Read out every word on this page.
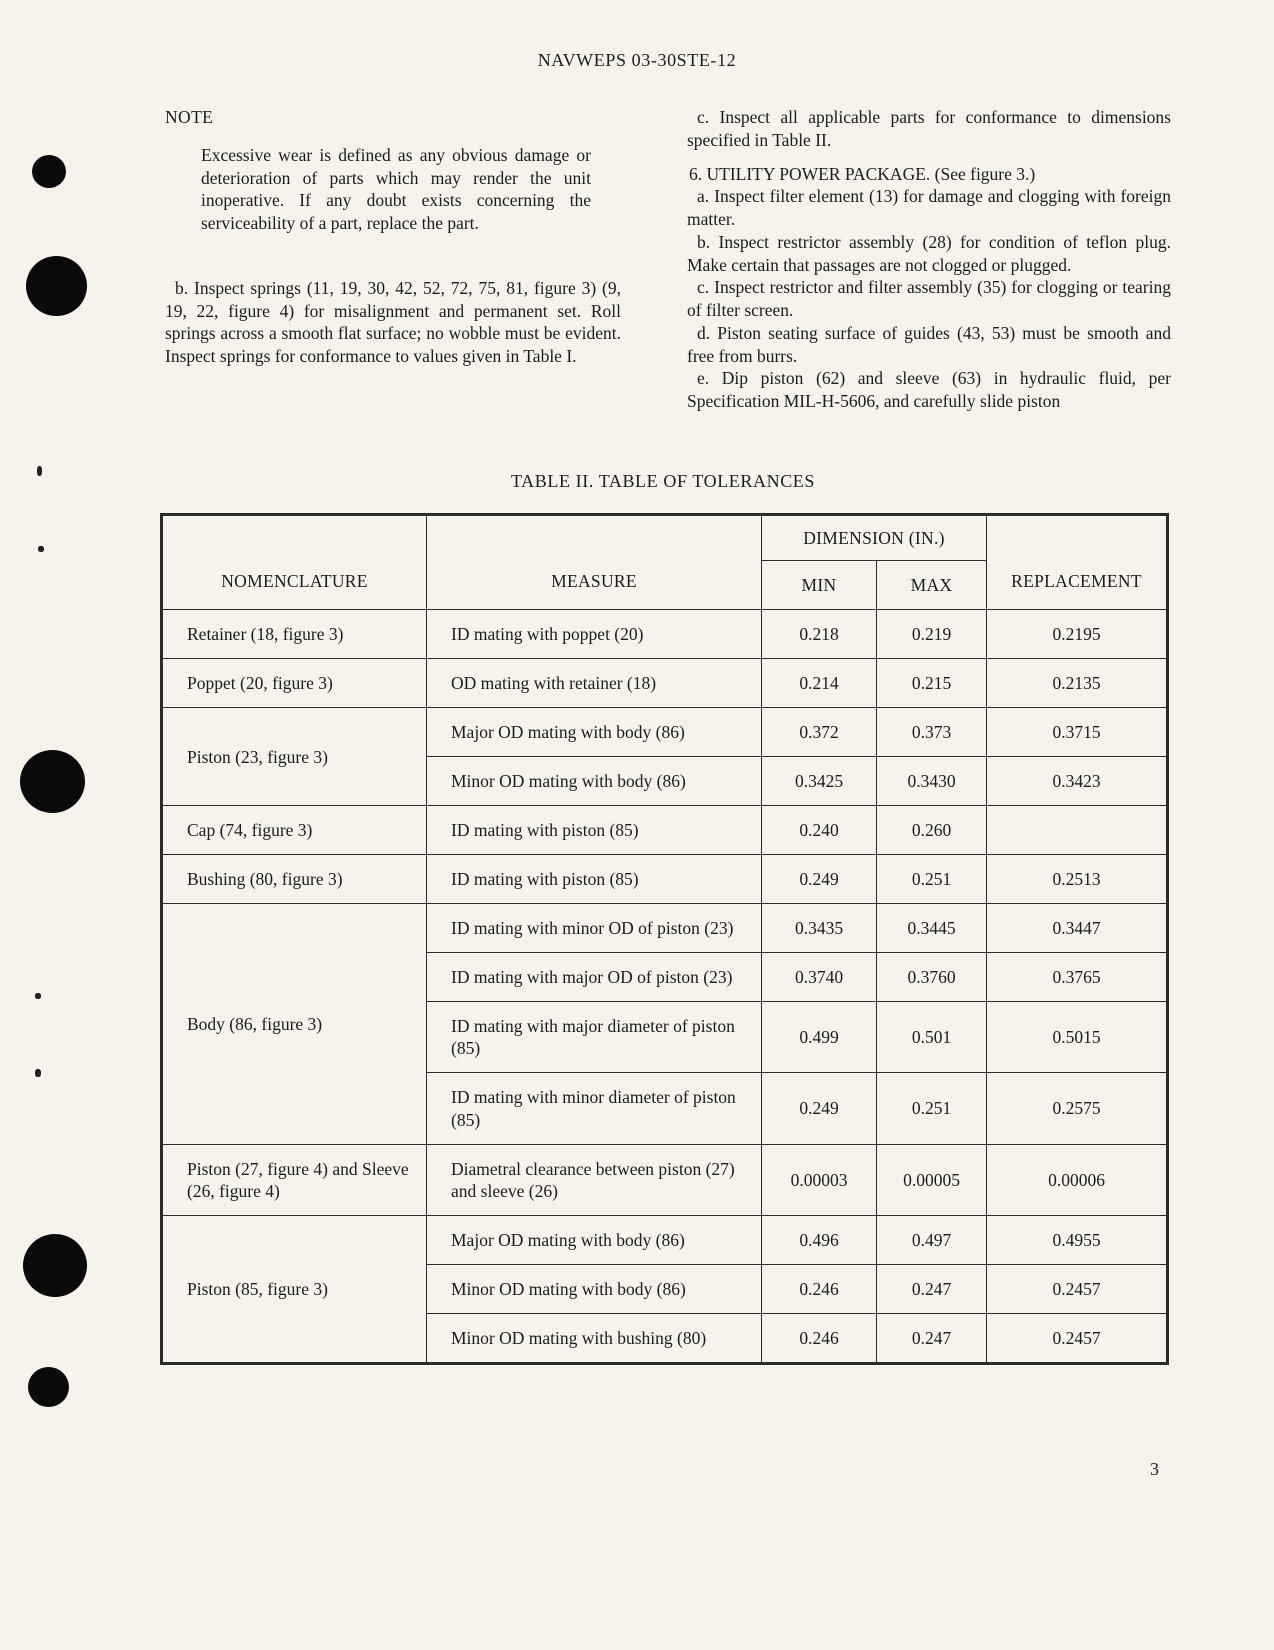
NAVWEPS 03-30STE-12

NOTE

Excessive wear is defined as any obvious damage or deterioration of parts which may render the unit inoperative. If any doubt exists concerning the serviceability of a part, replace the part.

b. Inspect springs (11, 19, 30, 42, 52, 72, 75, 81, figure 3) (9, 19, 22, figure 4) for misalignment and permanent set. Roll springs across a smooth flat surface; no wobble must be evident. Inspect springs for conformance to values given in Table I.

c. Inspect all applicable parts for conformance to dimensions specified in Table II.

6. UTILITY POWER PACKAGE. (See figure 3.)

a. Inspect filter element (13) for damage and clogging with foreign matter.

b. Inspect restrictor assembly (28) for condition of teflon plug. Make certain that passages are not clogged or plugged.

c. Inspect restrictor and filter assembly (35) for clogging or tearing of filter screen.

d. Piston seating surface of guides (43, 53) must be smooth and free from burrs.

e. Dip piston (62) and sleeve (63) in hydraulic fluid, per Specification MIL-H-5606, and carefully slide piston

TABLE II. TABLE OF TOLERANCES
NOMENCLATURE	MEASURE	DIMENSION (IN.)		REPLACEMENT
		MIN	MAX	
Retainer (18, figure 3)	ID mating with poppet (20)	0.218	0.219	0.2195
Poppet (20, figure 3)	OD mating with retainer (18)	0.214	0.215	0.2135
Piston (23, figure 3)	Major OD mating with body (86)	0.372	0.373	0.3715
	Minor OD mating with body (86)	0.3425	0.3430	0.3423
Cap (74, figure 3)	ID mating with piston (85)	0.240	0.260	
Bushing (80, figure 3)	ID mating with piston (85)	0.249	0.251	0.2513
Body (86, figure 3)	ID mating with minor OD of piston (23)	0.3435	0.3445	0.3447
	ID mating with major OD of piston (23)	0.3740	0.3760	0.3765
	ID mating with major diameter of piston (85)	0.499	0.501	0.5015
	ID mating with minor diameter of piston (85)	0.249	0.251	0.2575
Piston (27, figure 4) and Sleeve (26, figure 4)	Diametral clearance between piston (27) and sleeve (26)	0.00003	0.00005	0.00006
Piston (85, figure 3)	Major OD mating with body (86)	0.496	0.497	0.4955
	Minor OD mating with body (86)	0.246	0.247	0.2457
	Minor OD mating with bushing (80)	0.246	0.247	0.2457
3
